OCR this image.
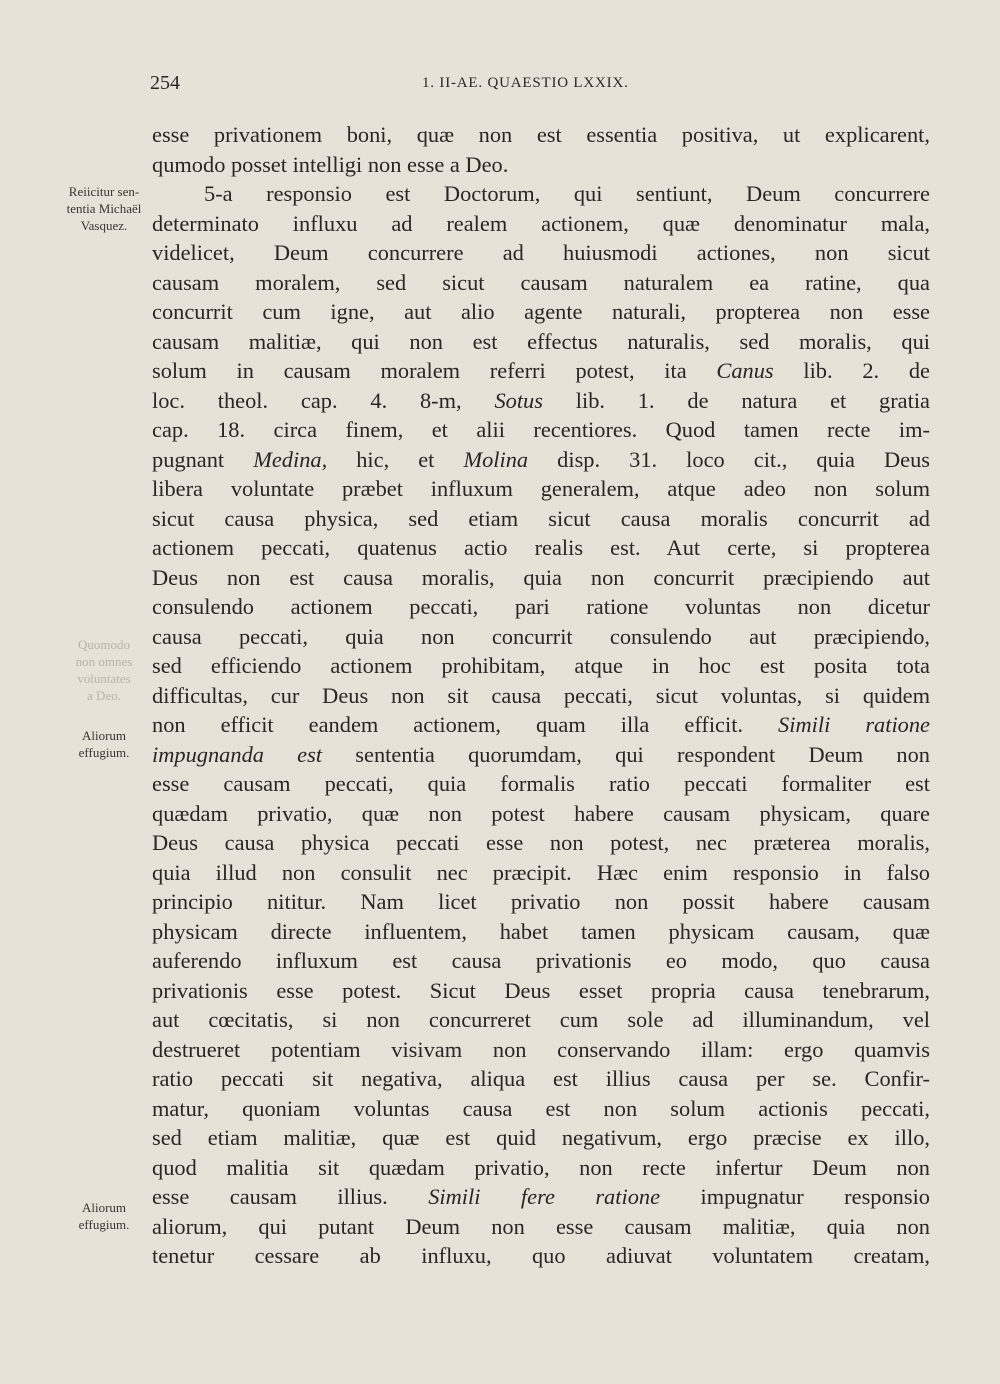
254	1. II-AE. QUAESTIO LXXIX.
Reiicitur sen-
tentia Michaël
Vasquez.
Quomodo
non omnes
voluntates
a Deo.
Aliorum
effugium.
Aliorum
effugium.
esse privationem boni, quæ non est essentia positiva, ut explicarent,
qumodo posset intelligi non esse a Deo.
5-a responsio est Doctorum, qui sentiunt, Deum concurrere
determinato influxu ad realem actionem, quæ denominatur mala,
videlicet, Deum concurrere ad huiusmodi actiones, non sicut
causam moralem, sed sicut causam naturalem ea ratine, qua
concurrit cum igne, aut alio agente naturali, propterea non esse
causam malitiæ, qui non est effectus naturalis, sed moralis, qui
solum in causam moralem referri potest, ita Canus lib. 2. de
loc. theol. cap. 4. 8-m, Sotus lib. 1. de natura et gratia
cap. 18. circa finem, et alii recentiores. Quod tamen recte im-
pugnant Medina, hic, et Molina disp. 31. loco cit., quia Deus
libera voluntate præbet influxum generalem, atque adeo non solum
sicut causa physica, sed etiam sicut causa moralis concurrit ad
actionem peccati, quatenus actio realis est. Aut certe, si propterea
Deus non est causa moralis, quia non concurrit præcipiendo aut
consulendo actionem peccati, pari ratione voluntas non dicetur
causa peccati, quia non concurrit consulendo aut præcipiendo,
sed efficiendo actionem prohibitam, atque in hoc est posita tota
difficultas, cur Deus non sit causa peccati, sicut voluntas, si quidem
non efficit eandem actionem, quam illa efficit. Simili ratione
impugnanda est sententia quorumdam, qui respondent Deum non
esse causam peccati, quia formalis ratio peccati formaliter est
quædam privatio, quæ non potest habere causam physicam, quare
Deus causa physica peccati esse non potest, nec præterea moralis,
quia illud non consulit nec præcipit. Hæc enim responsio in falso
principio nititur. Nam licet privatio non possit habere causam
physicam directe influentem, habet tamen physicam causam, quæ
auferendo influxum est causa privationis eo modo, quo causa
privationis esse potest. Sicut Deus esset propria causa tenebrarum,
aut cœcitatis, si non concurreret cum sole ad illuminandum, vel
destrueret potentiam visivam non conservando illam: ergo quamvis
ratio peccati sit negativa, aliqua est illius causa per se. Confir-
matur, quoniam voluntas causa est non solum actionis peccati,
sed etiam malitiæ, quæ est quid negativum, ergo præcise ex illo,
quod malitia sit quædam privatio, non recte infertur Deum non
esse causam illius. Simili fere ratione impugnatur responsio
aliorum, qui putant Deum non esse causam malitiæ, quia non
tenetur cessare ab influxu, quo adiuvat voluntatem creatam,
